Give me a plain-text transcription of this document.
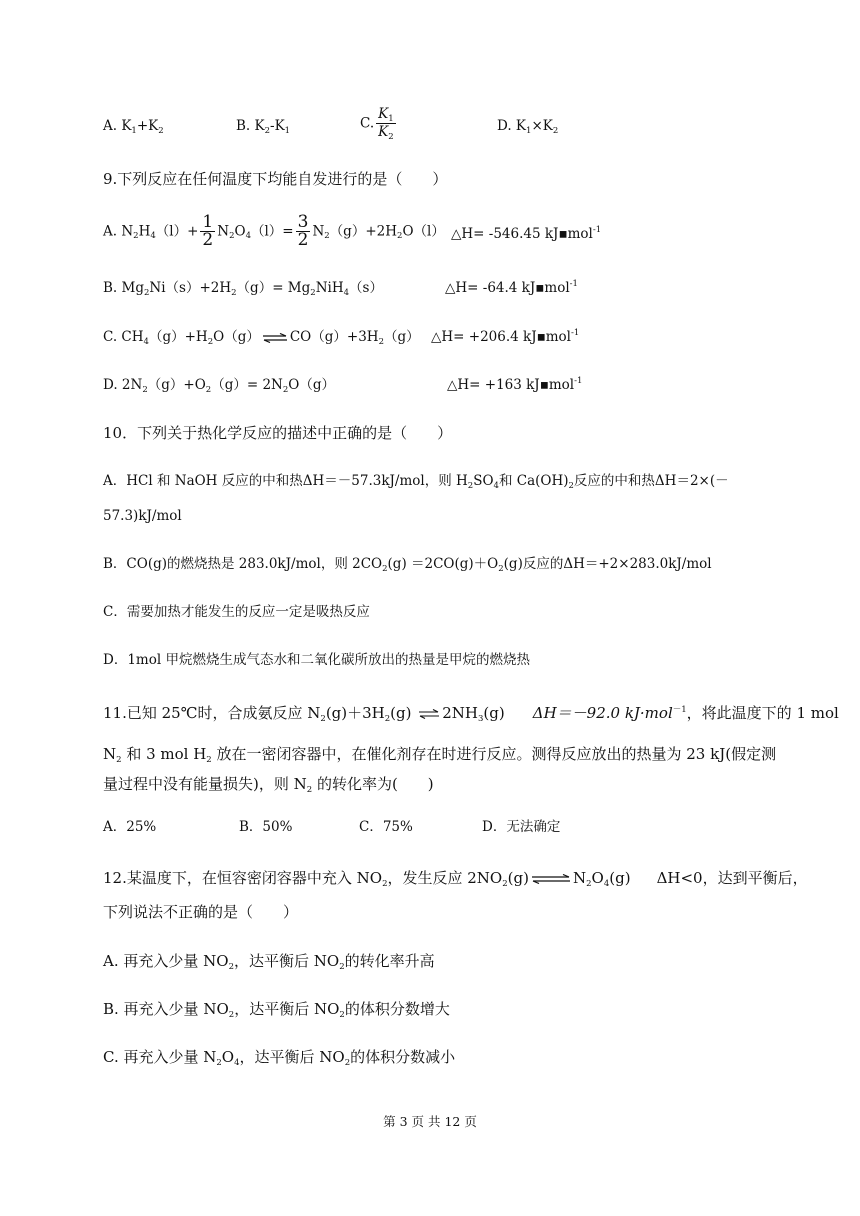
A. $K_1+K_2$	B. $K_2-K_1$	C. $\frac{K_1}{K_2}$	D. $K_1\times K_2$
9.下列反应在任何温度下均能自发进行的是（　　）
A. $N_2H_4(l)+ \frac{1}{2} N_2O_4(l)= \frac{3}{2} N_2(g)+2H_2O(l)$ △H= -546.45 kJ▪mol$^{-1}$
B. $Mg_2Ni(s)+2H_2(g)= Mg_2NiH_4(s)$	△H= -64.4 kJ▪mol$^{-1}$
C. $CH_4(g)+H_2O(g)$ ⇌ $CO(g)+3H_2(g)$ △H= +206.4 kJ▪mol$^{-1}$
D. $2N_2(g)+O_2(g)= 2N_2O(g)$	△H= +163 kJ▪mol$^{-1}$
10．下列关于热化学反应的描述中正确的是（　　）
A．HCl 和 NaOH 反应的中和热ΔH＝－57.3kJ/mol，则 $H_2SO_4$和 $Ca(OH)_2$反应的中和热ΔH＝2×(－
57.3)kJ/mol
B．CO(g)的燃烧热是 283.0kJ/mol，则 $2CO_2(g) =2CO(g)+O_2(g)$反应的ΔH＝+2×283.0kJ/mol
C．需要加热才能发生的反应一定是吸热反应
D．1mol 甲烷燃烧生成气态水和二氧化碳所放出的热量是甲烷的燃烧热
11.已知 25℃时，合成氨反应 $N_2(g)+3H_2(g)$ ⇌ $2NH_3(g)$ ΔH＝－92.0 kJ·mol$^{-1}$，将此温度下的 1 mol
$N_2$ 和 3 mol $H_2$ 放在一密闭容器中，在催化剂存在时进行反应。测得反应放出的热量为 23 kJ(假定测
量过程中没有能量损失)，则 $N_2$ 的转化率为(　　)
A．25%	B．50%	C．75%	D．无法确定
12.某温度下，在恒容密闭容器中充入 $NO_2$，发生反应 $2NO_2(g)$ ⇌ $N_2O_4(g)$ ΔH<0，达到平衡后，
下列说法不正确的是（　　）
A. 再充入少量 $NO_2$，达平衡后 $NO_2$的转化率升高
B. 再充入少量 $NO_2$，达平衡后 $NO_2$的体积分数增大
C. 再充入少量 $N_2O_4$，达平衡后 $NO_2$的体积分数减小
第 3 页 共 12 页
